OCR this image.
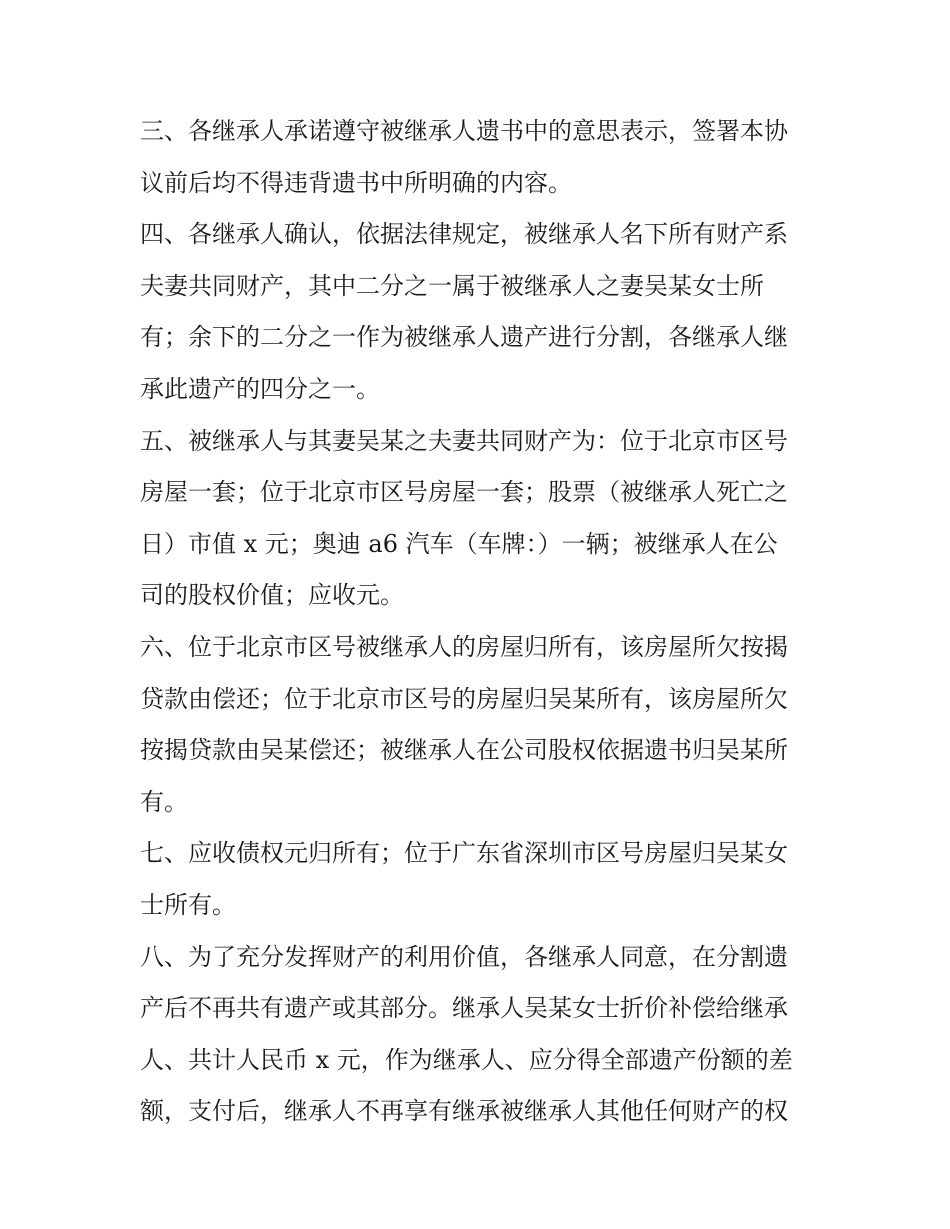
三、各继承人承诺遵守被继承人遗书中的意思表示，签署本协
议前后均不得违背遗书中所明确的内容。
四、各继承人确认，依据法律规定，被继承人名下所有财产系
夫妻共同财产，其中二分之一属于被继承人之妻吴某女士所
有；余下的二分之一作为被继承人遗产进行分割，各继承人继
承此遗产的四分之一。
五、被继承人与其妻吴某之夫妻共同财产为：位于北京市区号
房屋一套；位于北京市区号房屋一套；股票（被继承人死亡之
日）市值 x 元；奥迪 a6 汽车（车牌：）一辆；被继承人在公
司的股权价值；应收元。
六、位于北京市区号被继承人的房屋归所有，该房屋所欠按揭
贷款由偿还；位于北京市区号的房屋归吴某所有，该房屋所欠
按揭贷款由吴某偿还；被继承人在公司股权依据遗书归吴某所
有。
七、应收债权元归所有；位于广东省深圳市区号房屋归吴某女
士所有。
八、为了充分发挥财产的利用价值，各继承人同意，在分割遗
产后不再共有遗产或其部分。继承人吴某女士折价补偿给继承
人、共计人民币 x 元，作为继承人、应分得全部遗产份额的差
额，支付后，继承人不再享有继承被继承人其他任何财产的权
